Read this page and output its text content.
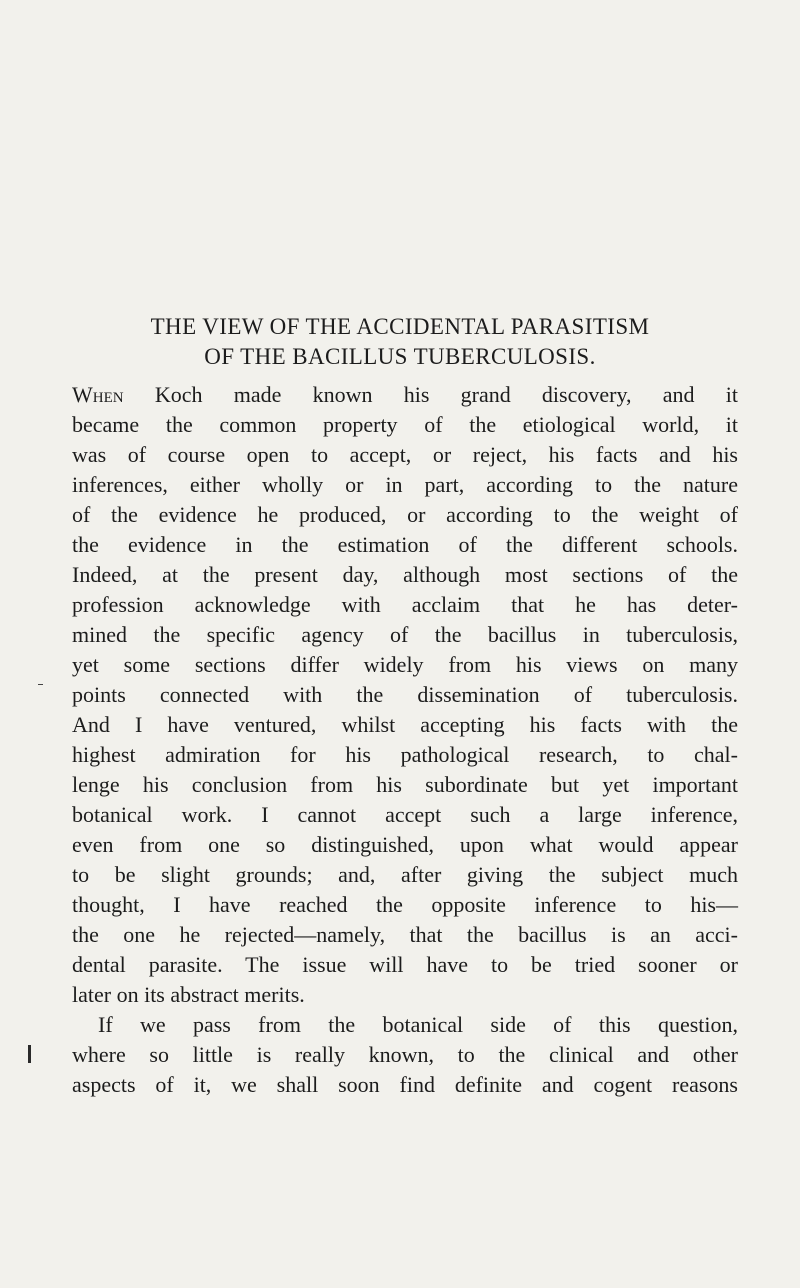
THE VIEW OF THE ACCIDENTAL PARASITISM
OF THE BACILLUS TUBERCULOSIS.
When Koch made known his grand discovery, and it
became the common property of the etiological world, it
was of course open to accept, or reject, his facts and his
inferences, either wholly or in part, according to the nature
of the evidence he produced, or according to the weight of
the evidence in the estimation of the different schools.
Indeed, at the present day, although most sections of the
profession acknowledge with acclaim that he has deter-
mined the specific agency of the bacillus in tuberculosis,
yet some sections differ widely from his views on many
points connected with the dissemination of tuberculosis.
And I have ventured, whilst accepting his facts with the
highest admiration for his pathological research, to chal-
lenge his conclusion from his subordinate but yet important
botanical work. I cannot accept such a large inference,
even from one so distinguished, upon what would appear
to be slight grounds; and, after giving the subject much
thought, I have reached the opposite inference to his—
the one he rejected—namely, that the bacillus is an acci-
dental parasite. The issue will have to be tried sooner or
later on its abstract merits.
If we pass from the botanical side of this question,
where so little is really known, to the clinical and other
aspects of it, we shall soon find definite and cogent reasons
